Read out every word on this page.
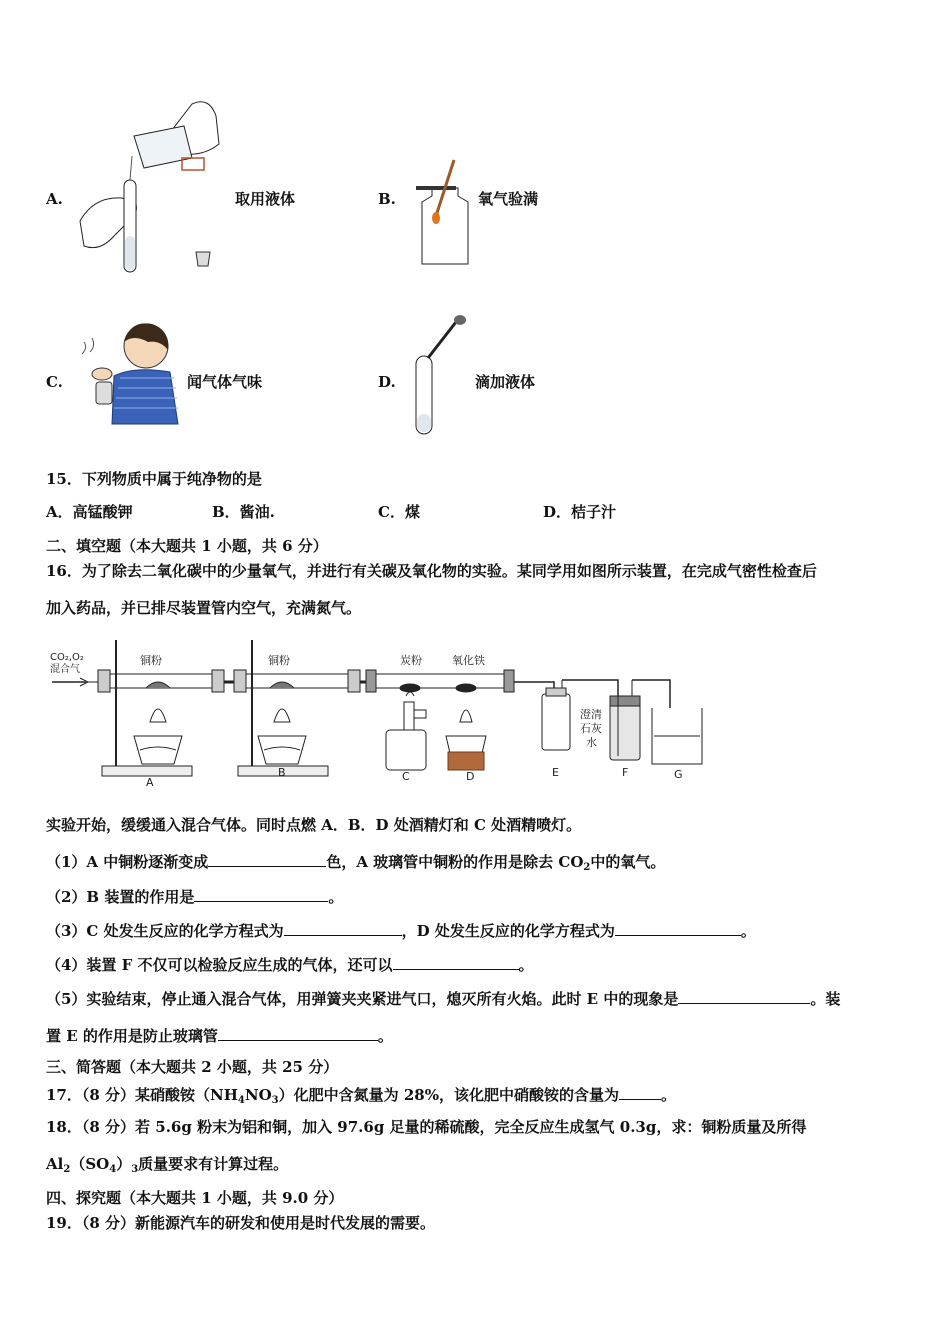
A.	取用液体	B.	氧气验满
C.	闻气体气味	D.	滴加液体
15．下列物质中属于纯净物的是
A．高锰酸钾	B．酱油.	C．煤	D．桔子汁
二、填空题（本大题共 1 小题，共 6 分）
16．为了除去二氧化碳中的少量氧气，并进行有关碳及氧化物的实验。某同学用如图所示装置，在完成气密性检查后
加入药品，并已排尽装置管内空气，充满氮气。
CO₂,O₂
混合气
铜粉
A
铜粉
B
炭粉	氧化铁
C	D	E
澄清
石灰
水
F	G
实验开始，缓缓通入混合气体。同时点燃 A．B．D 处酒精灯和 C 处酒精喷灯。
（1）A 中铜粉逐渐变成	色，A 玻璃管中铜粉的作用是除去 $CO_2$中的氧气。
（2）B 装置的作用是	。
（3）C 处发生反应的化学方程式为	，D 处发生反应的化学方程式为	。
（4）装置 F 不仅可以检验反应生成的气体，还可以	。
（5）实验结束，停止通入混合气体，用弹簧夹夹紧进气口，熄灭所有火焰。此时 E 中的现象是	。装
置 E 的作用是防止玻璃管	。
三、简答题（本大题共 2 小题，共 25 分）
17．（8 分）某硝酸铵$(NH_4NO_3)$化肥中含氮量为 28%，该化肥中硝酸铵的含量为	。
18．（8 分）若 5.6g 粉末为铝和铜，加入 97.6g 足量的稀硫酸，完全反应生成氢气 0.3g，求：铜粉质量及所得
$Al_2(SO_4)_3$质量要求有计算过程。
四、探究题（本大题共 1 小题，共 9.0 分）
19．（8 分）新能源汽车的研发和使用是时代发展的需要。
